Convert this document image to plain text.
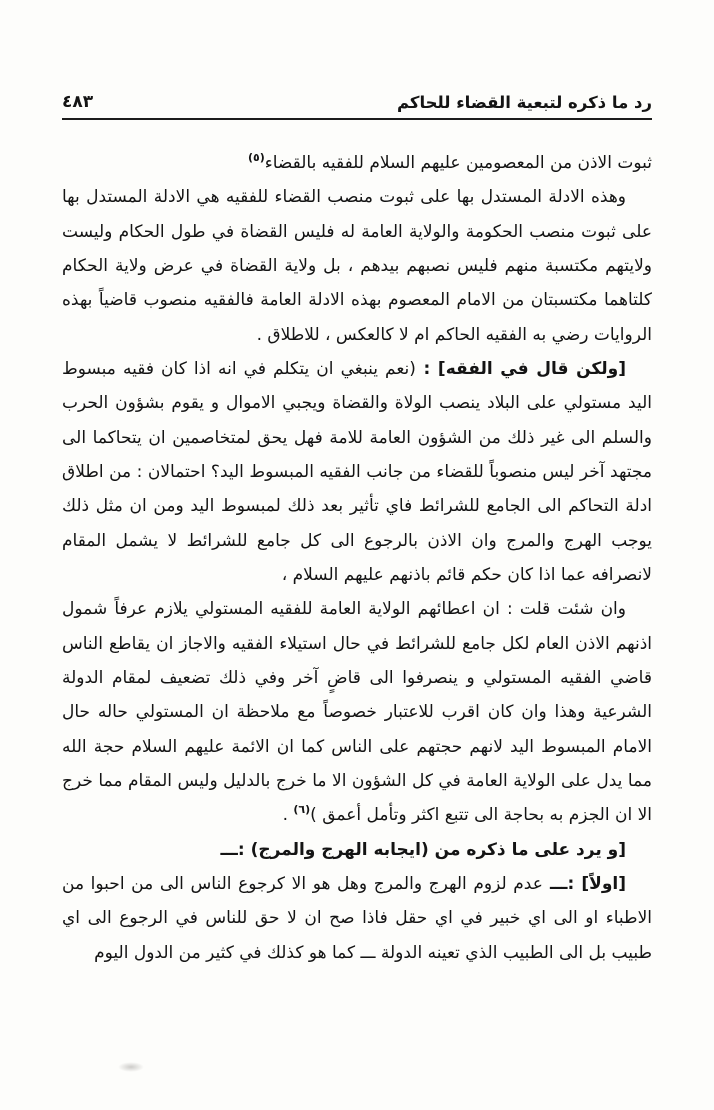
رد ما ذكره لتبعية القضاء للحاكم
٤٨٣

ثبوت الاذن من المعصومين عليهم السلام للفقيه بالقضاء$^{(٥)}$

وهذه الادلة المستدل بها على ثبوت منصب القضاء للفقيه هي الادلة المستدل بها على ثبوت منصب الحكومة والولاية العامة له فليس القضاة في طول الحكام وليست ولايتهم مكتسبة منهم فليس نصبهم بيدهم ، بل ولاية القضاة في عرض ولاية الحكام كلتاهما مكتسبتان من الامام المعصوم بهذه الادلة العامة فالفقيه منصوب قاضياً بهذه الروايات رضي به الفقيه الحاكم ام لا كالعكس ، للاطلاق .

[ولكن قال في الفقه] : (نعم ينبغي ان يتكلم في انه اذا كان فقيه مبسوط اليد مستولي على البلاد ينصب الولاة والقضاة ويجبي الاموال و يقوم بشؤون الحرب والسلم الى غير ذلك من الشؤون العامة للامة فهل يحق لمتخاصمين ان يتحاكما الى مجتهد آخر ليس منصوباً للقضاء من جانب الفقيه المبسوط اليد؟ احتمالان : من اطلاق ادلة التحاكم الى الجامع للشرائط فاي تأثير بعد ذلك لمبسوط اليد ومن ان مثل ذلك يوجب الهرج والمرج وان الاذن بالرجوع الى كل جامع للشرائط لا يشمل المقام لانصرافه عما اذا كان حكم قائم باذنهم عليهم السلام ،

وان شئت قلت : ان اعطائهم الولاية العامة للفقيه المستولي يلازم عرفاً شمول اذنهم الاذن العام لكل جامع للشرائط في حال استيلاء الفقيه والاجاز ان يقاطع الناس قاضي الفقيه المستولي و ينصرفوا الى قاضٍ آخر وفي ذلك تضعيف لمقام الدولة الشرعية وهذا وان كان اقرب للاعتبار خصوصاً مع ملاحظة ان المستولي حاله حال الامام المبسوط اليد لانهم حجتهم على الناس كما ان الائمة عليهم السلام حجة الله مما يدل على الولاية العامة في كل الشؤون الا ما خرج بالدليل وليس المقام مما خرج الا ان الجزم به بحاجة الى تتبع اكثر وتأمل أعمق )$^{(٦)}$ .

[و يرد على ما ذكره من (ايجابه الهرج والمرج) :ـــ

[اولاً] :ـــ عدم لزوم الهرج والمرج وهل هو الا كرجوع الناس الى من احبوا من الاطباء او الى اي خبير في اي حقل فاذا صح ان لا حق للناس في الرجوع الى اي طبيب بل الى الطبيب الذي تعينه الدولة ـــ كما هو كذلك في كثير من الدول اليوم
